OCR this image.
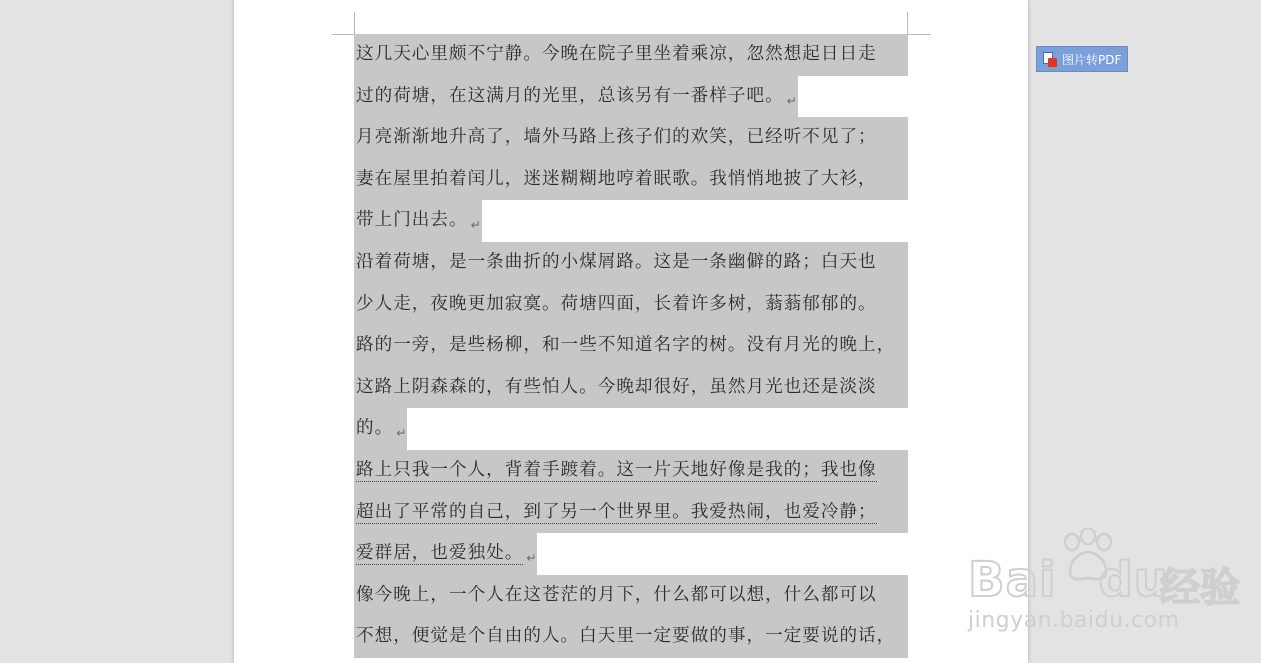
这几天心里颇不宁静。今晚在院子里坐着乘凉，忽然想起日日走
过的荷塘，在这满月的光里，总该另有一番样子吧。 $_↵$
月亮渐渐地升高了，墙外马路上孩子们的欢笑，已经听不见了；
妻在屋里拍着闰儿，迷迷糊糊地哼着眠歌。我悄悄地披了大衫，
带上门出去。 $_↵$
沿着荷塘，是一条曲折的小煤屑路。这是一条幽僻的路；白天也
少人走，夜晚更加寂寞。荷塘四面，长着许多树，蓊蓊郁郁的。
路的一旁，是些杨柳，和一些不知道名字的树。没有月光的晚上，
这路上阴森森的，有些怕人。今晚却很好，虽然月光也还是淡淡
的。 $_↵$
路上只我一个人，背着手踱着。这一片天地好像是我的；我也像
超出了平常的自己，到了另一个世界里。我爱热闹，也爱冷静；
爱群居，也爱独处。 $_↵$
像今晚上，一个人在这苍茫的月下，什么都可以想，什么都可以
不想，便觉是个自由的人。白天里一定要做的事，一定要说的话，
图片转PDF
Bai du
经验
jingyan.baidu.com
